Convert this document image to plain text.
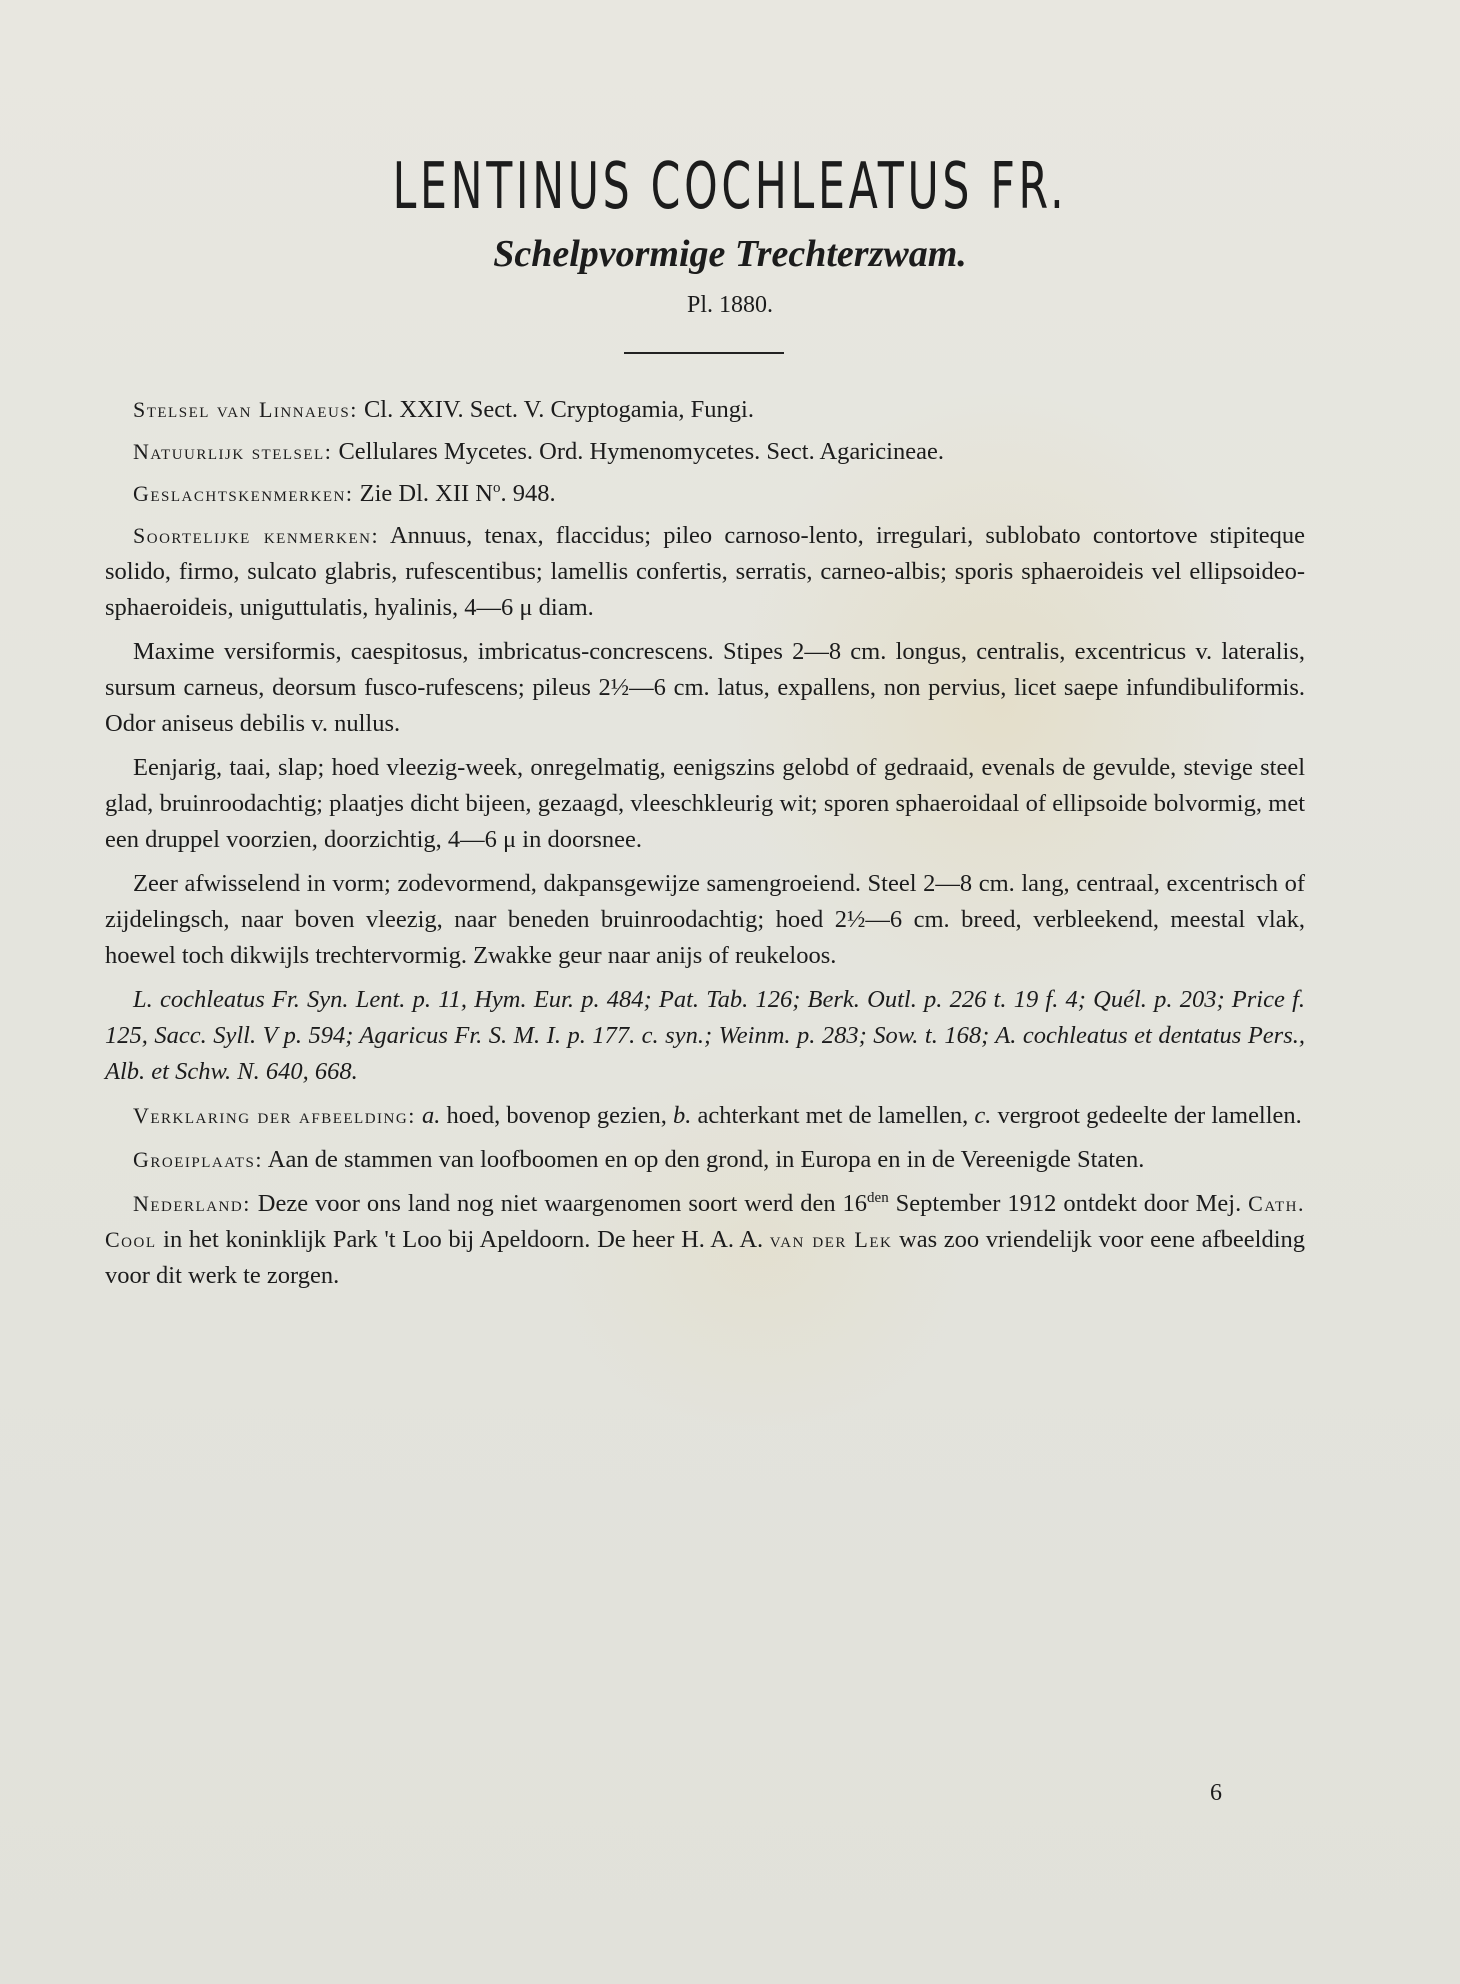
LENTINUS COCHLEATUS FR.
Schelpvormige Trechterzwam.
Pl. 1880.

Stelsel van Linnaeus: Cl. XXIV. Sect. V. Cryptogamia, Fungi.

Natuurlijk stelsel: Cellulares Mycetes. Ord. Hymenomycetes. Sect. Agaricineae.

Geslachtskenmerken: Zie Dl. XII $N^o$. 948.

Soortelijke kenmerken: Annuus, tenax, flaccidus; pileo carnoso-lento, irregulari, sublobato contortove stipiteque solido, firmo, sulcato glabris, rufescentibus; lamellis confertis, serratis, carneo-albis; sporis sphaeroideis vel ellipsoideo-sphaeroideis, uniguttulatis, hyalinis, 4—6 μ diam.

Maxime versiformis, caespitosus, imbricatus-concrescens. Stipes 2—8 cm. longus, centralis, excentricus v. lateralis, sursum carneus, deorsum fusco-rufescens; pileus 2½—6 cm. latus, expallens, non pervius, licet saepe infundibuliformis. Odor aniseus debilis v. nullus.

Eenjarig, taai, slap; hoed vleezig-week, onregelmatig, eenigszins gelobd of gedraaid, evenals de gevulde, stevige steel glad, bruinroodachtig; plaatjes dicht bijeen, gezaagd, vleeschkleurig wit; sporen sphaeroidaal of ellipsoide bolvormig, met een druppel voorzien, doorzichtig, 4—6 μ in doorsnee.

Zeer afwisselend in vorm; zodevormend, dakpansgewijze samengroeiend. Steel 2—8 cm. lang, centraal, excentrisch of zijdelingsch, naar boven vleezig, naar beneden bruinroodachtig; hoed 2½—6 cm. breed, verbleekend, meestal vlak, hoewel toch dikwijls trechtervormig. Zwakke geur naar anijs of reukeloos.

L. cochleatus Fr. Syn. Lent. p. 11, Hym. Eur. p. 484; Pat. Tab. 126; Berk. Outl. p. 226 t. 19 f. 4; Quél. p. 203; Price f. 125, Sacc. Syll. V p. 594; Agaricus Fr. S. M. I. p. 177. c. syn.; Weinm. p. 283; Sow. t. 168; A. cochleatus et dentatus Pers., Alb. et Schw. N. 640, 668.

Verklaring der afbeelding: a. hoed, bovenop gezien, b. achterkant met de lamellen, c. vergroot gedeelte der lamellen.

Groeiplaats: Aan de stammen van loofboomen en op den grond, in Europa en in de Vereenigde Staten.

Nederland: Deze voor ons land nog niet waargenomen soort werd den $16^{den}$ September 1912 ontdekt door Mej. Cath. Cool in het koninklijk Park 't Loo bij Apeldoorn. De heer H. A. A. van der Lek was zoo vriendelijk voor eene afbeelding voor dit werk te zorgen.

6
